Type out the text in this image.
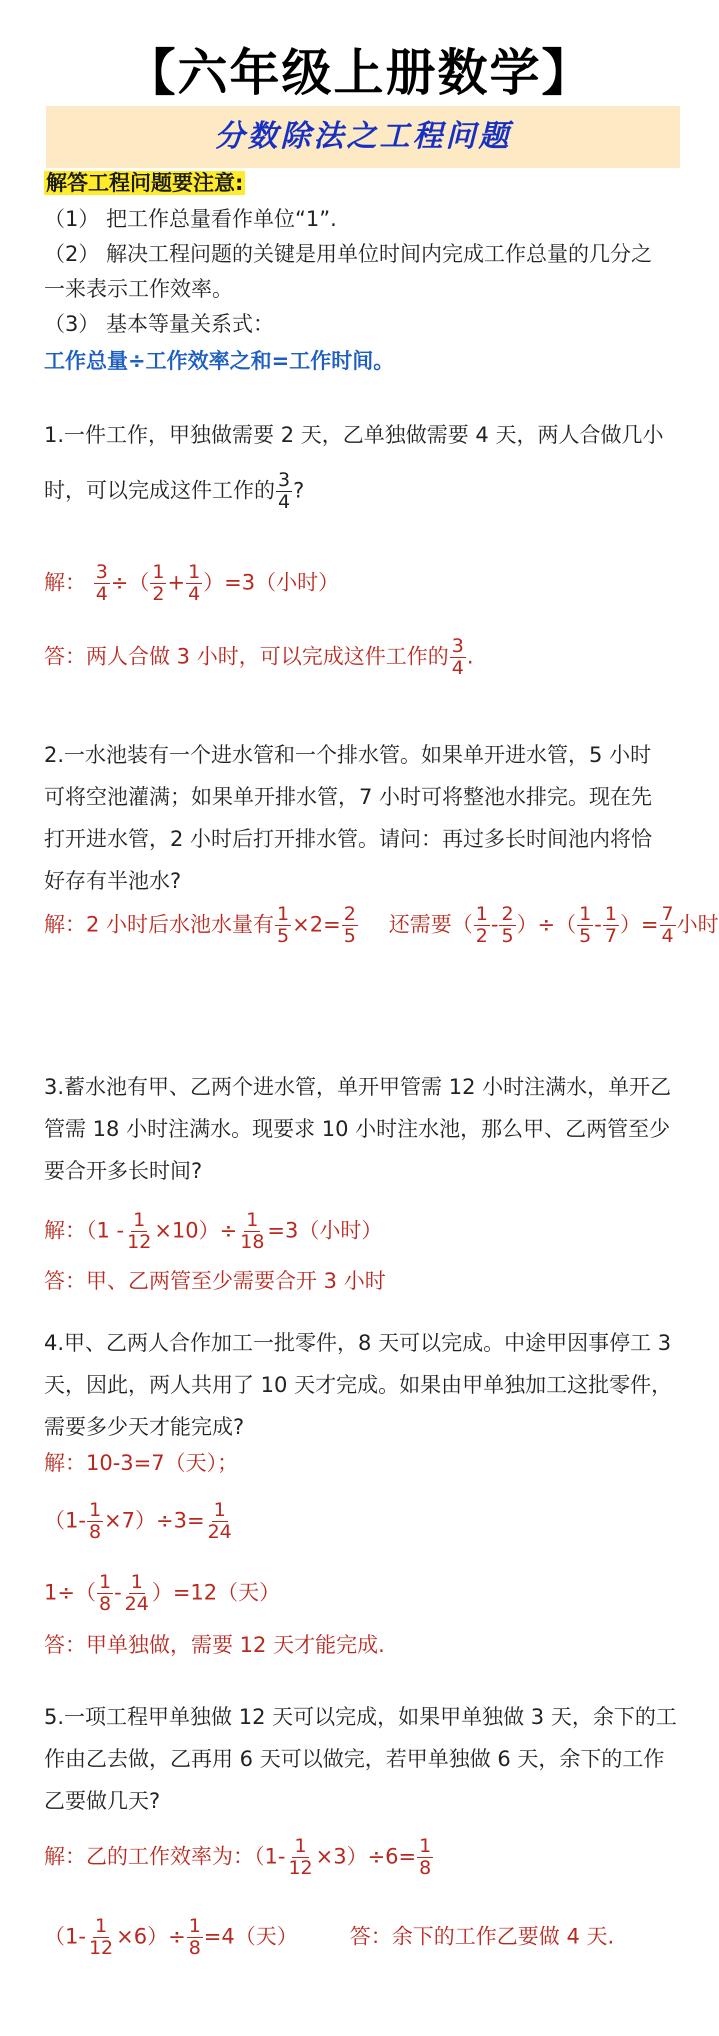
【六年级上册数学】
分数除法之工程问题
解答工程问题要注意:
（1） 把工作总量看作单位“1”.
（2） 解决工程问题的关键是用单位时间内完成工作总量的几分之
一来表示工作效率。
（3） 基本等量关系式：
工作总量÷工作效率之和=工作时间。
1.一件工作，甲独做需要 2 天，乙单独做需要 4 天，两人合做几小
时，可以完成这件工作的 $\frac{3}{4}$ ?
解： $\frac{3}{4}$ ÷（ $\frac{1}{2} + \frac{1}{4} )=3$（小时）
答：两人合做 3 小时，可以完成这件工作的 $\frac{3}{4}$ .
2.一水池装有一个进水管和一个排水管。如果单开进水管，5 小时
可将空池灌满；如果单开排水管，7 小时可将整池水排完。现在先
打开进水管，2 小时后打开排水管。请问：再过多长时间池内将恰
好存有半池水?
解：2 小时后水池水量有 $\frac{1}{5} \times 2= \frac{2}{5}$ 还需要（ $\frac{1}{2} - \frac{2}{5}$ ）÷（ $\frac{1}{5} - \frac{1}{7}$ ）= $\frac{7}{4}$ 小时
3.蓄水池有甲、乙两个进水管，单开甲管需 12 小时注满水，单开乙
管需 18 小时注满水。现要求 10 小时注水池，那么甲、乙两管至少
要合开多长时间?
解：$(1 - \frac{1}{12} \times 10)\div \frac{1}{18} =3$（小时）
答：甲、乙两管至少需要合开 3 小时
4.甲、乙两人合作加工一批零件，8 天可以完成。中途甲因事停工 3
天，因此，两人共用了 10 天才完成。如果由甲单独加工这批零件，
需要多少天才能完成?
解：10-3=7（天）；
$(1- \frac{1}{8} \times 7)\div 3= \frac{1}{24}$
$1\div( \frac{1}{8} - \frac{1}{24} )=12$（天）
答：甲单独做，需要 12 天才能完成.
5.一项工程甲单独做 12 天可以完成，如果甲单独做 3 天，余下的工
作由乙去做，乙再用 6 天可以做完，若甲单独做 6 天，余下的工作
乙要做几天?
解：乙的工作效率为：$(1- \frac{1}{12} \times 3)\div 6= \frac{1}{8}$
$(1- \frac{1}{12} \times 6)\div \frac{1}{8} =4$（天） 答：余下的工作乙要做 4 天.
